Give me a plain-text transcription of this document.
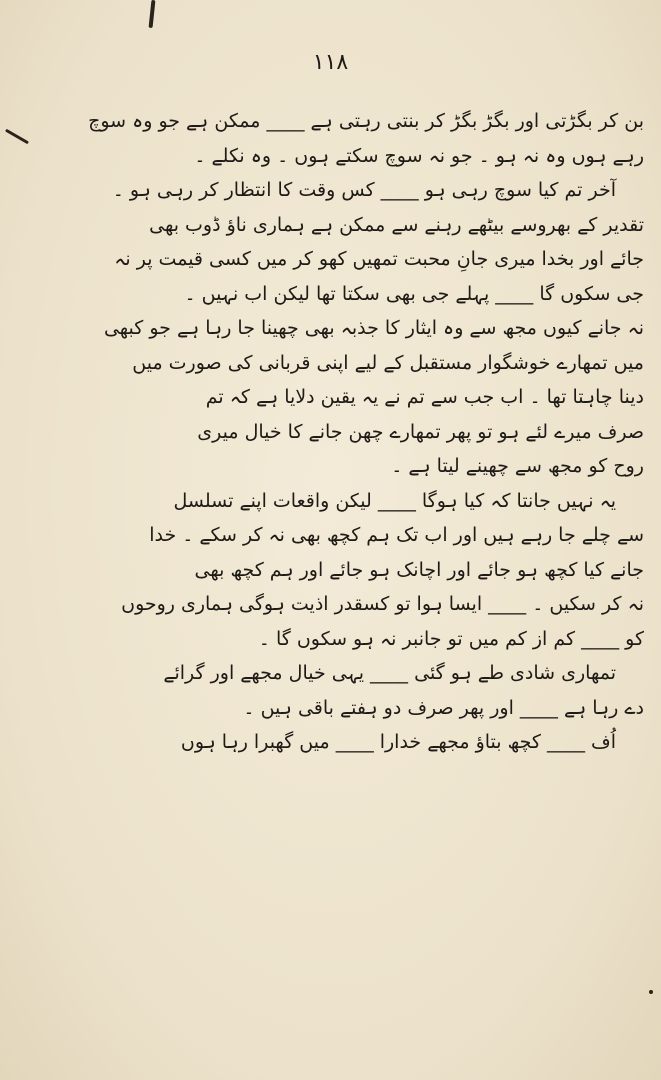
۱۱۸
بن کر بگڑتی اور بگڑ بگڑ کر بنتی رہتی ہے ____ ممکن ہے جو وہ سوچ
رہے ہوں وہ نہ ہو ۔ جو نہ سوچ سکتے ہوں ۔ وہ نکلے ۔
آخر تم کیا سوچ رہی ہو ____ کس وقت کا انتظار کر رہی ہو ۔
تقدیر کے بھروسے بیٹھے رہنے سے ممکن ہے ہماری ناؤ ڈوب بھی
جائے اور بخدا میری جانِ محبت تمھیں کھو کر میں کسی قیمت پر نہ
جی سکوں گا ____ پہلے جی بھی سکتا تھا لیکن اب نہیں ۔
نہ جانے کیوں مجھ سے وہ ایثار کا جذبہ بھی چھینا جا رہا ہے جو کبھی
میں تمھارے خوشگوار مستقبل کے لیے اپنی قربانی کی صورت میں
دینا چاہتا تھا ۔ اب جب سے تم نے یہ یقین دلایا ہے کہ تم
صرف میرے لئے ہو تو پھر تمھارے چھن جانے کا خیال میری
روح کو مجھ سے چھینے لیتا ہے ۔
یہ نہیں جانتا کہ کیا ہوگا ____ لیکن واقعات اپنے تسلسل
سے چلے جا رہے ہیں اور اب تک ہم کچھ بھی نہ کر سکے ۔ خدا
جانے کیا کچھ ہو جائے اور اچانک ہو جائے اور ہم کچھ بھی
نہ کر سکیں ۔ ____ ایسا ہوا تو کسقدر اذیت ہوگی ہماری روحوں
کو ____ کم از کم میں تو جانبر نہ ہو سکوں گا ۔
تمھاری شادی طے ہو گئی ____ یہی خیال مجھے اور گرائے
دے رہا ہے ____ اور پھر صرف دو ہفتے باقی ہیں ۔
اُف ____ کچھ بتاؤ مجھے خدارا ____ میں گھبرا رہا ہوں
